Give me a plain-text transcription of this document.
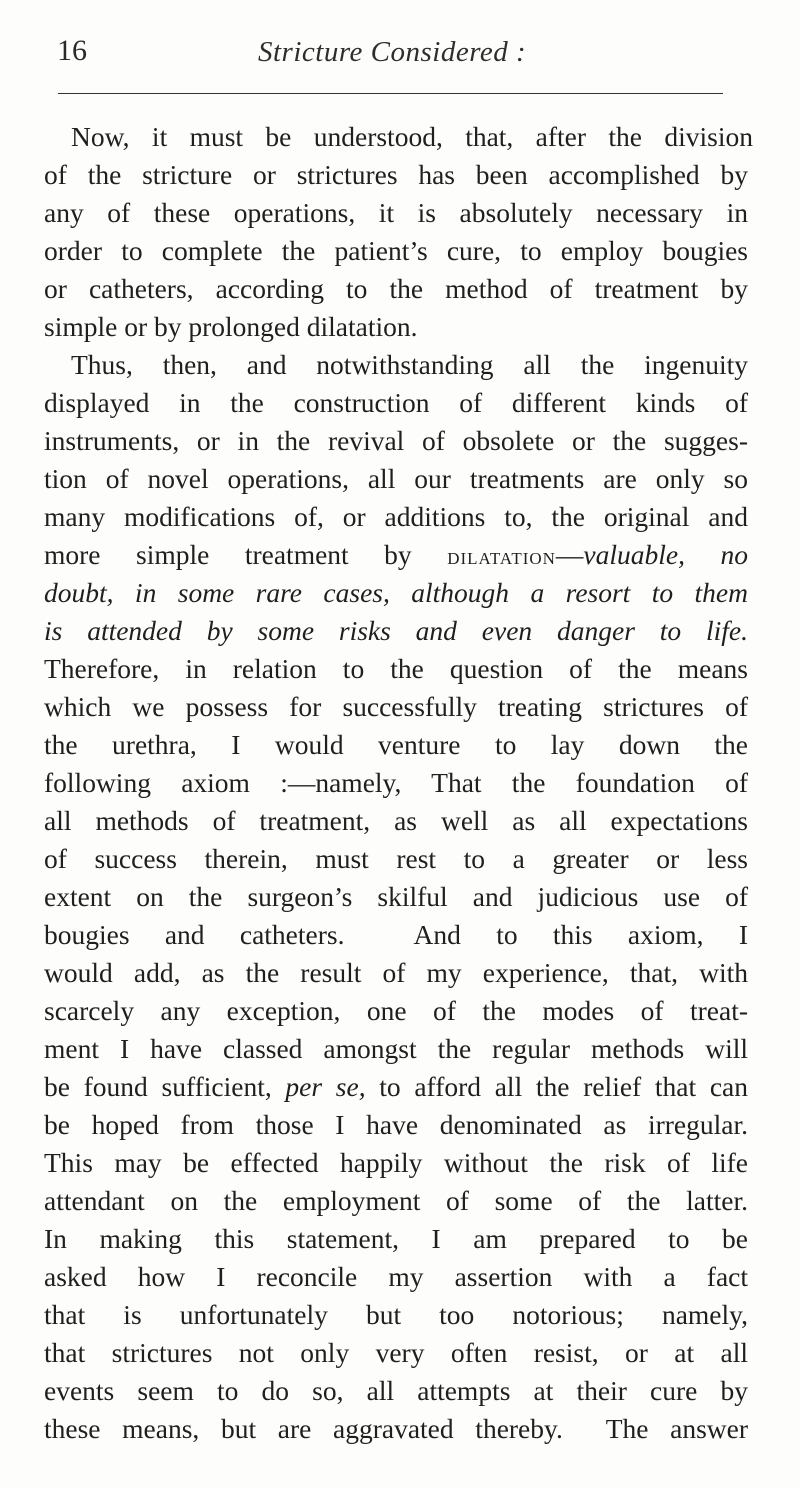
16	Stricture Considered :
Now, it must be understood, that, after the division
of the stricture or strictures has been accomplished by
any of these operations, it is absolutely necessary in
order to complete the patient’s cure, to employ bougies
or catheters, according to the method of treatment by
simple or by prolonged dilatation.
Thus, then, and notwithstanding all the ingenuity
displayed in the construction of different kinds of
instruments, or in the revival of obsolete or the sugges-
tion of novel operations, all our treatments are only so
many modifications of, or additions to, the original and
more simple treatment by dilatation—valuable, no
doubt, in some rare cases, although a resort to them
is attended by some risks and even danger to life.
Therefore, in relation to the question of the means
which we possess for successfully treating strictures of
the urethra, I would venture to lay down the
following axiom :—namely, That the foundation of
all methods of treatment, as well as all expectations
of success therein, must rest to a greater or less
extent on the surgeon’s skilful and judicious use of
bougies and catheters.  And to this axiom, I
would add, as the result of my experience, that, with
scarcely any exception, one of the modes of treat-
ment I have classed amongst the regular methods will
be found sufficient, per se, to afford all the relief that can
be hoped from those I have denominated as irregular.
This may be effected happily without the risk of life
attendant on the employment of some of the latter.
In making this statement, I am prepared to be
asked how I reconcile my assertion with a fact
that is unfortunately but too notorious; namely,
that strictures not only very often resist, or at all
events seem to do so, all attempts at their cure by
these means, but are aggravated thereby.  The answer
